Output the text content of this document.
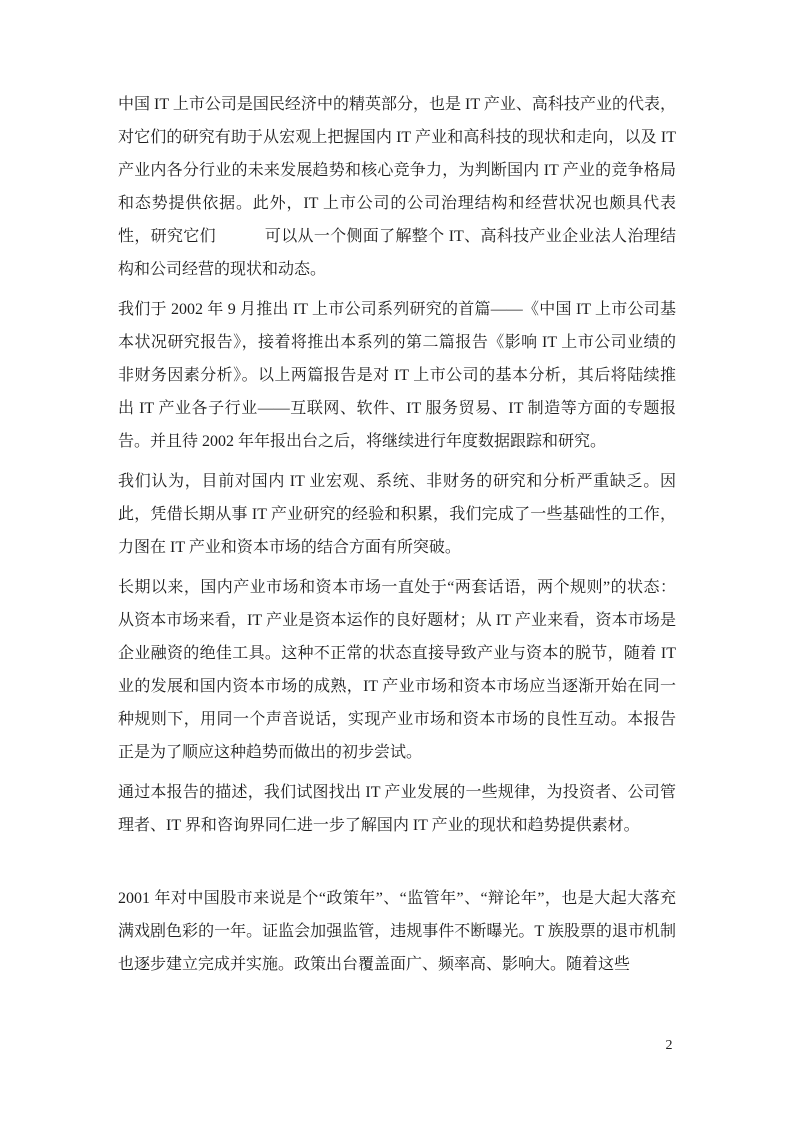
中国 IT 上市公司是国民经济中的精英部分，也是 IT 产业、高科技产业的代表，对它们的研究有助于从宏观上把握国内 IT 产业和高科技的现状和走向，以及 IT 产业内各分行业的未来发展趋势和核心竞争力，为判断国内 IT 产业的竞争格局和态势提供依据。此外，IT 上市公司的公司治理结构和经营状况也颇具代表性，研究它们　　　可以从一个侧面了解整个 IT、高科技产业企业法人治理结构和公司经营的现状和动态。

我们于 2002 年 9 月推出 IT 上市公司系列研究的首篇——《中国 IT 上市公司基本状况研究报告》，接着将推出本系列的第二篇报告《影响 IT 上市公司业绩的非财务因素分析》。以上两篇报告是对 IT 上市公司的基本分析，其后将陆续推出 IT 产业各子行业——互联网、软件、IT 服务贸易、IT 制造等方面的专题报告。并且待 2002 年年报出台之后，将继续进行年度数据跟踪和研究。

我们认为，目前对国内 IT 业宏观、系统、非财务的研究和分析严重缺乏。因此，凭借长期从事 IT 产业研究的经验和积累，我们完成了一些基础性的工作，力图在 IT 产业和资本市场的结合方面有所突破。

长期以来，国内产业市场和资本市场一直处于“两套话语，两个规则”的状态：从资本市场来看，IT 产业是资本运作的良好题材；从 IT 产业来看，资本市场是企业融资的绝佳工具。这种不正常的状态直接导致产业与资本的脱节，随着 IT 业的发展和国内资本市场的成熟，IT 产业市场和资本市场应当逐渐开始在同一种规则下，用同一个声音说话，实现产业市场和资本市场的良性互动。本报告正是为了顺应这种趋势而做出的初步尝试。

通过本报告的描述，我们试图找出 IT 产业发展的一些规律，为投资者、公司管理者、IT 界和咨询界同仁进一步了解国内 IT 产业的现状和趋势提供素材。

2001 年对中国股市来说是个“政策年”、“监管年”、“辩论年”，也是大起大落充满戏剧色彩的一年。证监会加强监管，违规事件不断曝光。T 族股票的退市机制也逐步建立完成并实施。政策出台覆盖面广、频率高、影响大。随着这些

2
